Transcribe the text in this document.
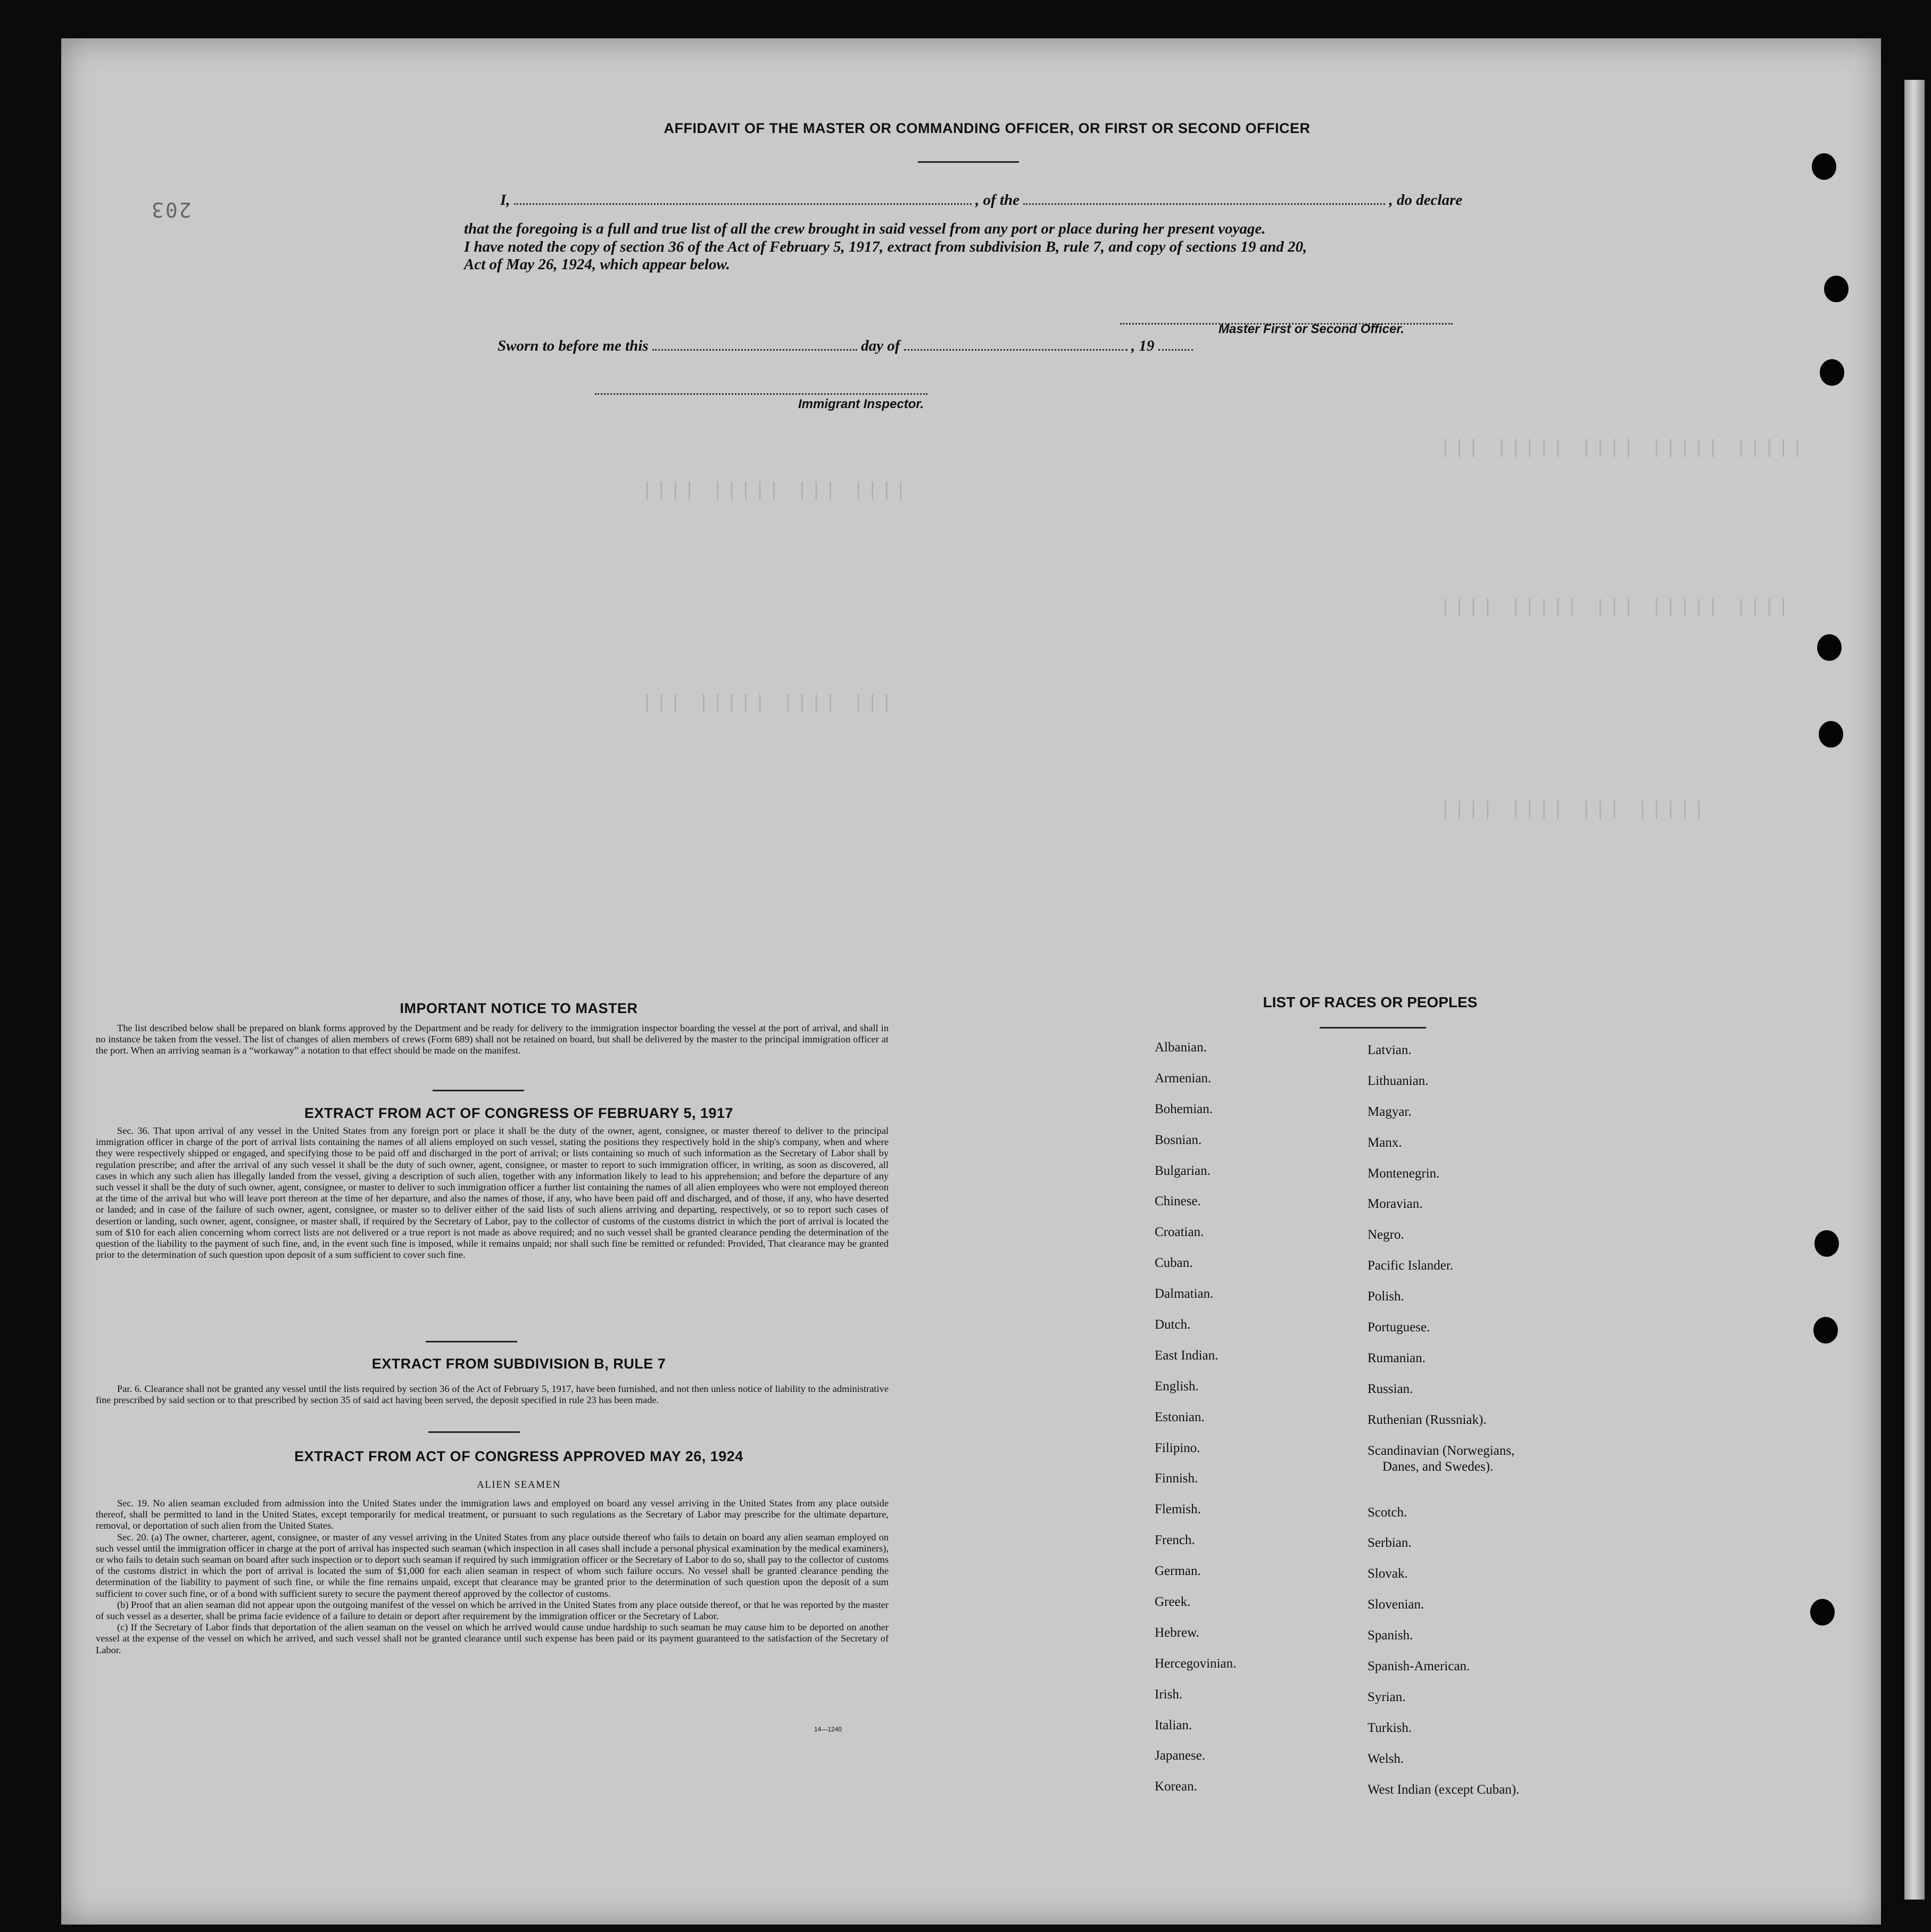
||||| ||||| |||| ||||| |||
|||| ||| ||||| ||||
|||| ||||| ||| ||||| ||||
||| |||| ||||| |||
||||| ||| |||| ||||
203
AFFIDAVIT OF THE MASTER OR COMMANDING OFFICER, OR FIRST OR SECOND OFFICER
I,	, of the	, do declare
that the foregoing is a full and true list of all the crew brought in said vessel from any port or place during her present voyage.
I have noted the copy of section 36 of the Act of February 5, 1917, extract from subdivision B, rule 7, and copy of sections 19 and 20,
Act of May 26, 1924, which appear below.
Master First or Second Officer.
Sworn to before me this	day of	, 19
Immigrant Inspector.
IMPORTANT NOTICE TO MASTER

The list described below shall be prepared on blank forms approved by the Department and be ready for delivery to the immigration inspector boarding the vessel at the port of arrival, and shall in no instance be taken from the vessel. The list of changes of alien members of crews (Form 689) shall not be retained on board, but shall be delivered by the master to the principal immigration officer at the port. When an arriving seaman is a “workaway” a notation to that effect should be made on the manifest.

EXTRACT FROM ACT OF CONGRESS OF FEBRUARY 5, 1917

Sec. 36. That upon arrival of any vessel in the United States from any foreign port or place it shall be the duty of the owner, agent, consignee, or master thereof to deliver to the principal immigration officer in charge of the port of arrival lists containing the names of all aliens employed on such vessel, stating the positions they respectively hold in the ship's company, when and where they were respectively shipped or engaged, and specifying those to be paid off and discharged in the port of arrival; or lists containing so much of such information as the Secretary of Labor shall by regulation prescribe; and after the arrival of any such vessel it shall be the duty of such owner, agent, consignee, or master to report to such immigration officer, in writing, as soon as discovered, all cases in which any such alien has illegally landed from the vessel, giving a description of such alien, together with any information likely to lead to his apprehension; and before the departure of any such vessel it shall be the duty of such owner, agent, consignee, or master to deliver to such immigration officer a further list containing the names of all alien employees who were not employed thereon at the time of the arrival but who will leave port thereon at the time of her departure, and also the names of those, if any, who have been paid off and discharged, and of those, if any, who have deserted or landed; and in case of the failure of such owner, agent, consignee, or master so to deliver either of the said lists of such aliens arriving and departing, respectively, or so to report such cases of desertion or landing, such owner, agent, consignee, or master shall, if required by the Secretary of Labor, pay to the collector of customs of the customs district in which the port of arrival is located the sum of $10 for each alien concerning whom correct lists are not delivered or a true report is not made as above required; and no such vessel shall be granted clearance pending the determination of the question of the liability to the payment of such fine, and, in the event such fine is imposed, while it remains unpaid; nor shall such fine be remitted or refunded: Provided, That clearance may be granted prior to the determination of such question upon deposit of a sum sufficient to cover such fine.

EXTRACT FROM SUBDIVISION B, RULE 7

Par. 6. Clearance shall not be granted any vessel until the lists required by section 36 of the Act of February 5, 1917, have been furnished, and not then unless notice of liability to the administrative fine prescribed by said section or to that prescribed by section 35 of said act having been served, the deposit specified in rule 23 has been made.

EXTRACT FROM ACT OF CONGRESS APPROVED MAY 26, 1924
ALIEN SEAMEN

Sec. 19. No alien seaman excluded from admission into the United States under the immigration laws and employed on board any vessel arriving in the United States from any place outside thereof, shall be permitted to land in the United States, except temporarily for medical treatment, or pursuant to such regulations as the Secretary of Labor may prescribe for the ultimate departure, removal, or deportation of such alien from the United States.
Sec. 20. (a) The owner, charterer, agent, consignee, or master of any vessel arriving in the United States from any place outside thereof who fails to detain on board any alien seaman employed on such vessel until the immigration officer in charge at the port of arrival has inspected such seaman (which inspection in all cases shall include a personal physical examination by the medical examiners), or who fails to detain such seaman on board after such inspection or to deport such seaman if required by such immigration officer or the Secretary of Labor to do so, shall pay to the collector of customs of the customs district in which the port of arrival is located the sum of $1,000 for each alien seaman in respect of whom such failure occurs. No vessel shall be granted clearance pending the determination of the liability to payment of such fine, or while the fine remains unpaid, except that clearance may be granted prior to the determination of such question upon the deposit of a sum sufficient to cover such fine, or of a bond with sufficient surety to secure the payment thereof approved by the collector of customs.
(b) Proof that an alien seaman did not appear upon the outgoing manifest of the vessel on which he arrived in the United States from any place outside thereof, or that he was reported by the master of such vessel as a deserter, shall be prima facie evidence of a failure to detain or deport after requirement by the immigration officer or the Secretary of Labor.
(c) If the Secretary of Labor finds that deportation of the alien seaman on the vessel on which he arrived would cause undue hardship to such seaman he may cause him to be deported on another vessel at the expense of the vessel on which he arrived, and such vessel shall not be granted clearance until such expense has been paid or its payment guaranteed to the satisfaction of the Secretary of Labor.

14—1240
LIST OF RACES OR PEOPLES
Albanian.
Armenian.
Bohemian.
Bosnian.
Bulgarian.
Chinese.
Croatian.
Cuban.
Dalmatian.
Dutch.
East Indian.
English.
Estonian.
Filipino.
Finnish.
Flemish.
French.
German.
Greek.
Hebrew.
Hercegovinian.
Irish.
Italian.
Japanese.
Korean.
Latvian.
Lithuanian.
Magyar.
Manx.
Montenegrin.
Moravian.
Negro.
Pacific Islander.
Polish.
Portuguese.
Rumanian.
Russian.
Ruthenian (Russniak).
Scandinavian (Norwegians,
Danes, and Swedes).
Scotch.
Serbian.
Slovak.
Slovenian.
Spanish.
Spanish-American.
Syrian.
Turkish.
Welsh.
West Indian (except Cuban).
